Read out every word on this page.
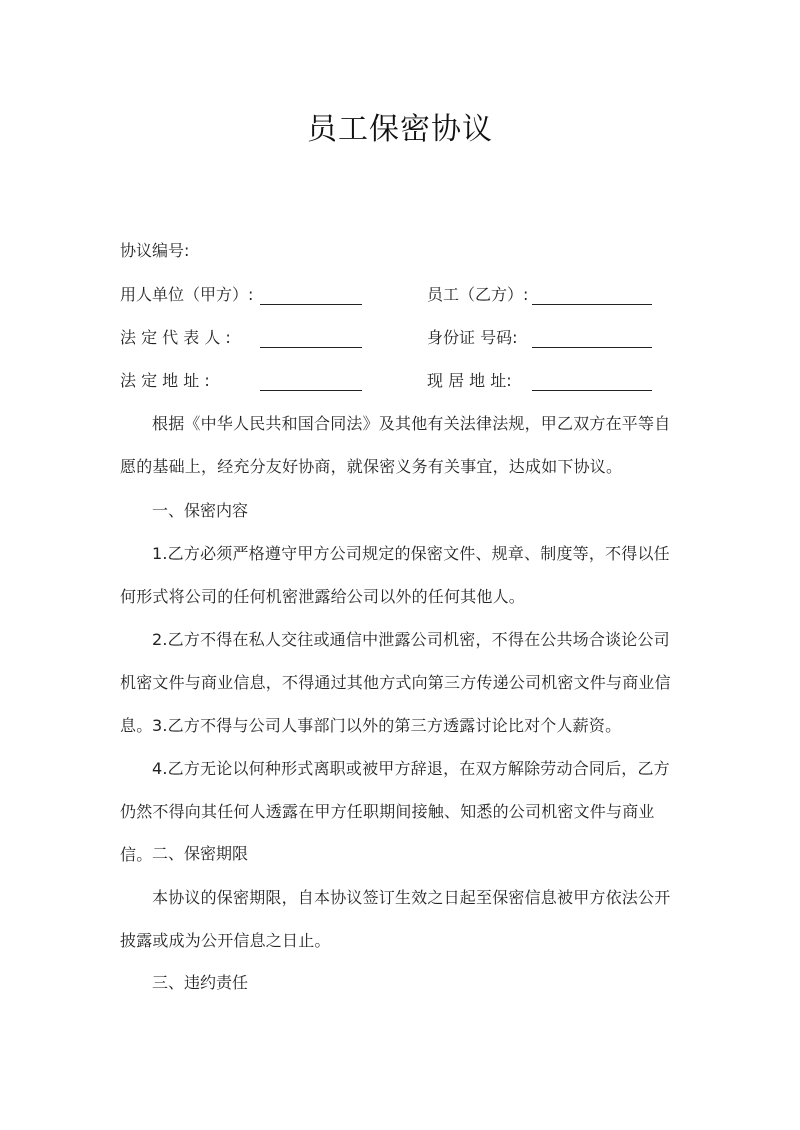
员工保密协议
协议编号:
用人单位（甲方）:	员工（乙方）:
法 定 代 表 人 :	身份证 号码:
法 定 地 址 :	现 居 地 址:
根据《中华人民共和国合同法》及其他有关法律法规，甲乙双方在平等自愿的基础上，经充分友好协商，就保密义务有关事宜，达成如下协议。
一、保密内容
1.乙方必须严格遵守甲方公司规定的保密文件、规章、制度等，不得以任何形式将公司的任何机密泄露给公司以外的任何其他人。
2.乙方不得在私人交往或通信中泄露公司机密，不得在公共场合谈论公司机密文件与商业信息，不得通过其他方式向第三方传递公司机密文件与商业信息。 3.乙方不得与公司人事部门以外的第三方透露讨论比对个人薪资。
4.乙方无论以何种形式离职或被甲方辞退，在双方解除劳动合同后，乙方仍然不得向其任何人透露在甲方任职期间接触、知悉的公司机密文件与商业信。 二、保密期限
本协议的保密期限，自本协议签订生效之日起至保密信息被甲方依法公开披露或成为公开信息之日止。
三、违约责任
